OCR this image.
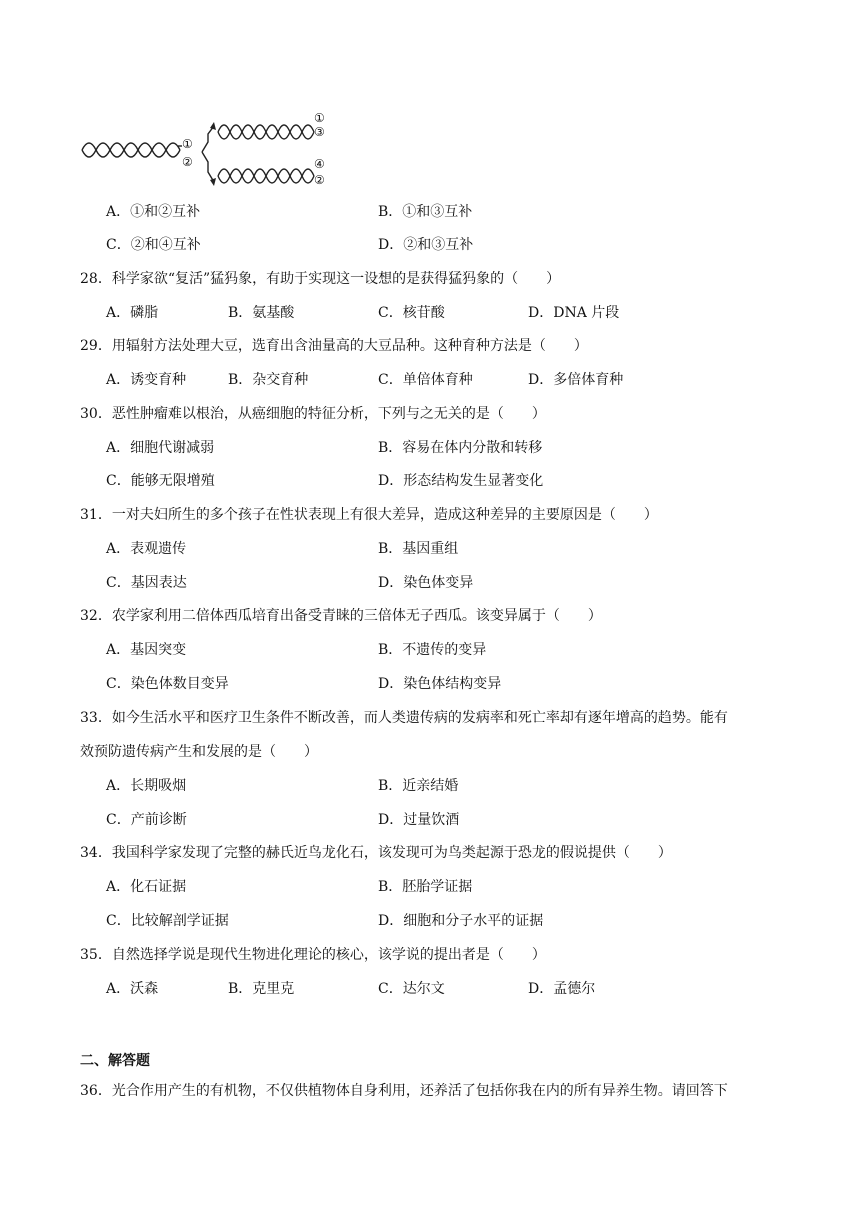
①
②
①
③
④
②
A．①和②互补	B．①和③互补
C．②和④互补	D．②和③互补
28．科学家欲“复活”猛犸象，有助于实现这一设想的是获得猛犸象的（　　）
A．磷脂	B．氨基酸	C．核苷酸	D．DNA 片段
29．用辐射方法处理大豆，选育出含油量高的大豆品种。这种育种方法是（　　）
A．诱变育种	B．杂交育种	C．单倍体育种	D．多倍体育种
30．恶性肿瘤难以根治，从癌细胞的特征分析，下列与之无关的是（　　）
A．细胞代谢减弱	B．容易在体内分散和转移
C．能够无限增殖	D．形态结构发生显著变化
31．一对夫妇所生的多个孩子在性状表现上有很大差异，造成这种差异的主要原因是（　　）
A．表观遗传	B．基因重组
C．基因表达	D．染色体变异
32．农学家利用二倍体西瓜培育出备受青睐的三倍体无子西瓜。该变异属于（　　）
A．基因突变	B．不遗传的变异
C．染色体数目变异	D．染色体结构变异
33．如今生活水平和医疗卫生条件不断改善，而人类遗传病的发病率和死亡率却有逐年增高的趋势。能有
效预防遗传病产生和发展的是（　　）
A．长期吸烟	B．近亲结婚
C．产前诊断	D．过量饮酒
34．我国科学家发现了完整的赫氏近鸟龙化石，该发现可为鸟类起源于恐龙的假说提供（　　）
A．化石证据	B．胚胎学证据
C．比较解剖学证据	D．细胞和分子水平的证据
35．自然选择学说是现代生物进化理论的核心，该学说的提出者是（　　）
A．沃森	B．克里克	C．达尔文	D．孟德尔
二、解答题
36．光合作用产生的有机物，不仅供植物体自身利用，还养活了包括你我在内的所有异养生物。请回答下
